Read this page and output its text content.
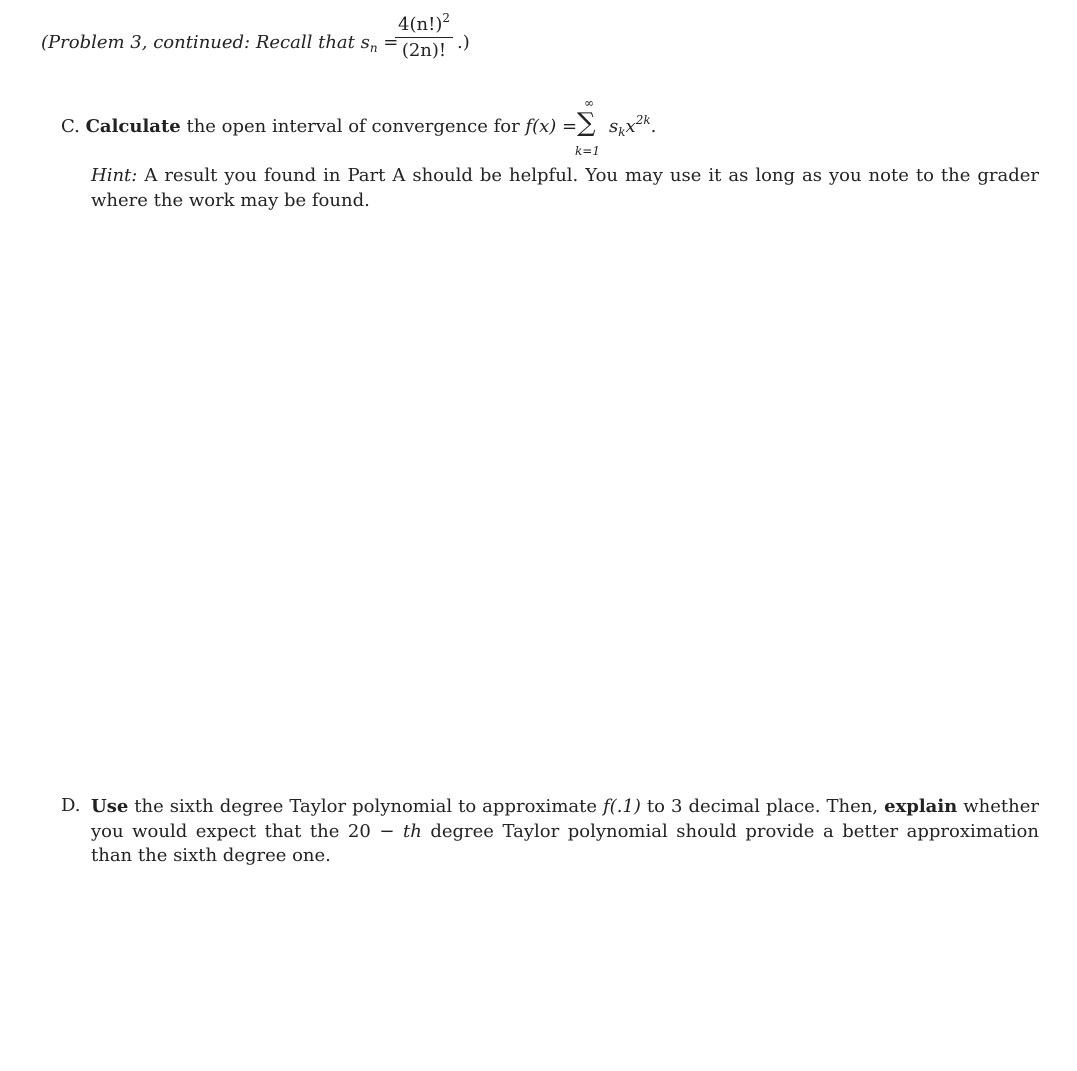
(Problem 3, continued: Recall that $s_n$ =
$4(n!)^2$
(2n)! .)
C. Calculate the open interval of convergence for f(x) =
∞
∑
k=1
$s_kx^{2k}$.
Hint: A result you found in Part A should be helpful. You may use it as long as you note to the grader where the work may be found.
D. Use the sixth degree Taylor polynomial to approximate f(.1) to 3 decimal place. Then, explain whether you would expect that the 20 − th degree Taylor polynomial should provide a better approximation than the sixth degree one.
